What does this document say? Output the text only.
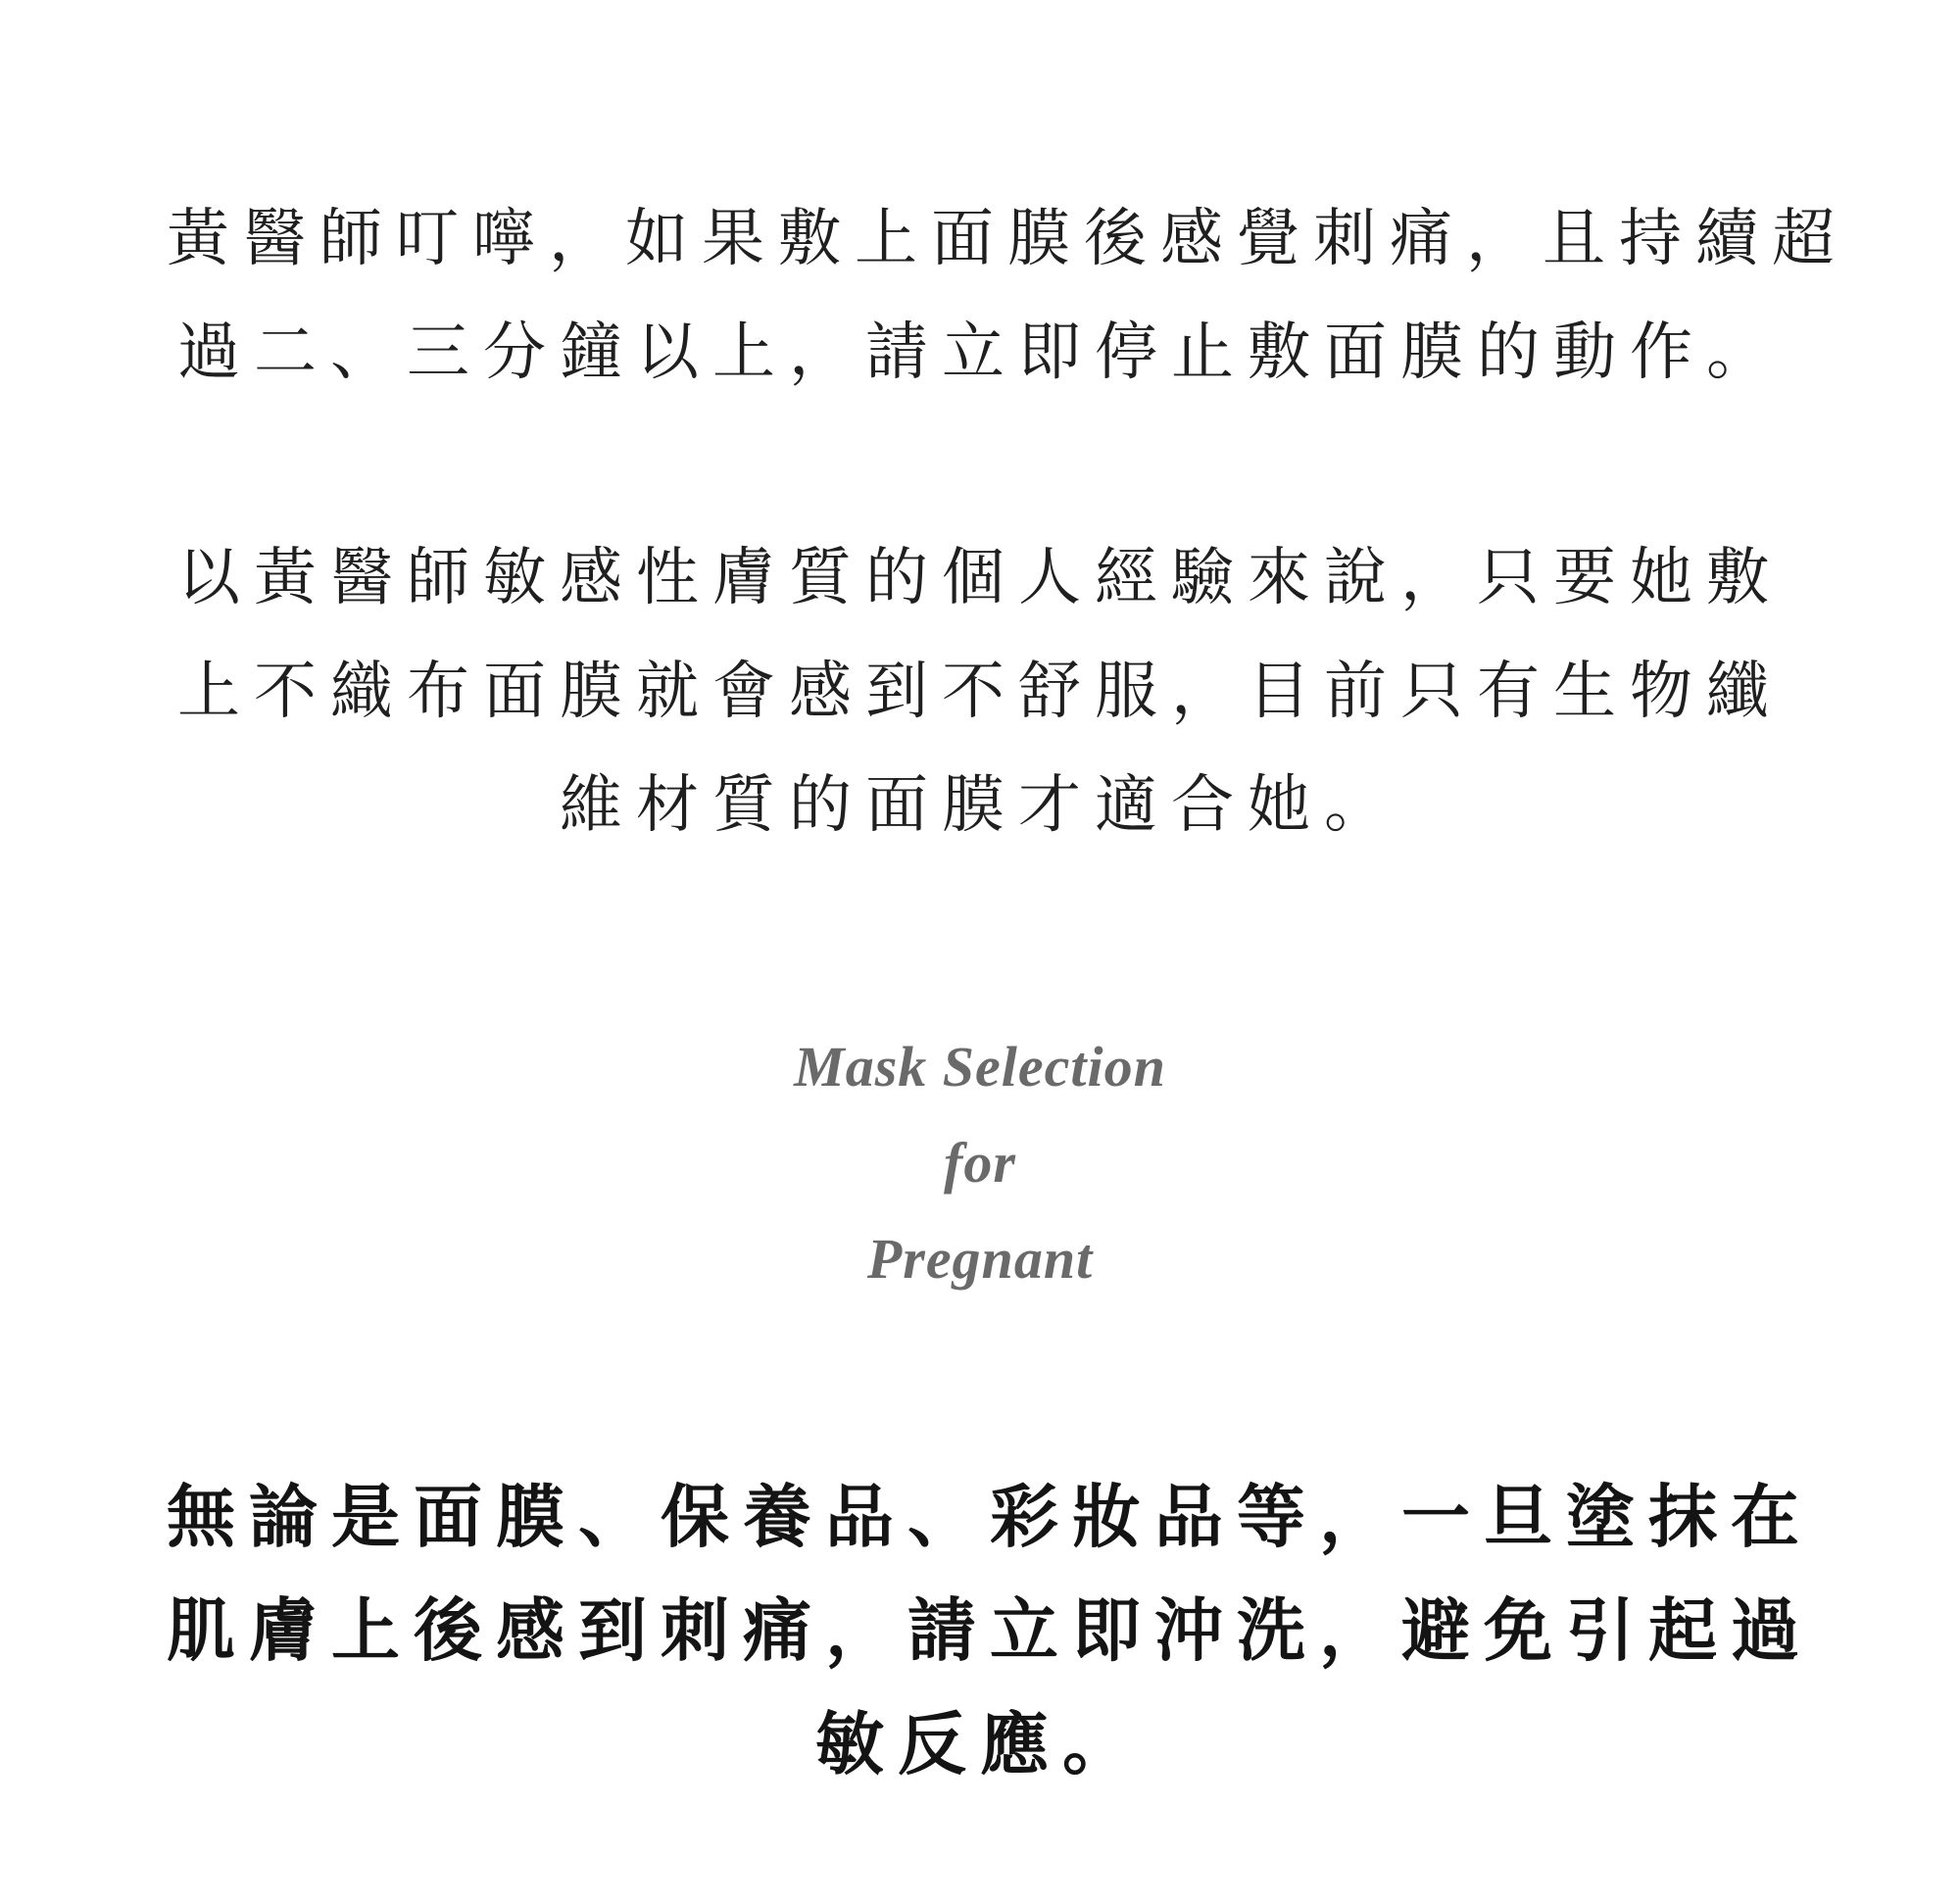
黃醫師叮嚀，如果敷上面膜後感覺刺痛，且持續超
過二、三分鐘以上，請立即停止敷面膜的動作。
以黃醫師敏感性膚質的個人經驗來說，只要她敷
上不織布面膜就會感到不舒服，目前只有生物纖
維材質的面膜才適合她。
Mask Selection
for
Pregnant
無論是面膜、保養品、彩妝品等，一旦塗抹在
肌膚上後感到刺痛，請立即沖洗，避免引起過
敏反應。
